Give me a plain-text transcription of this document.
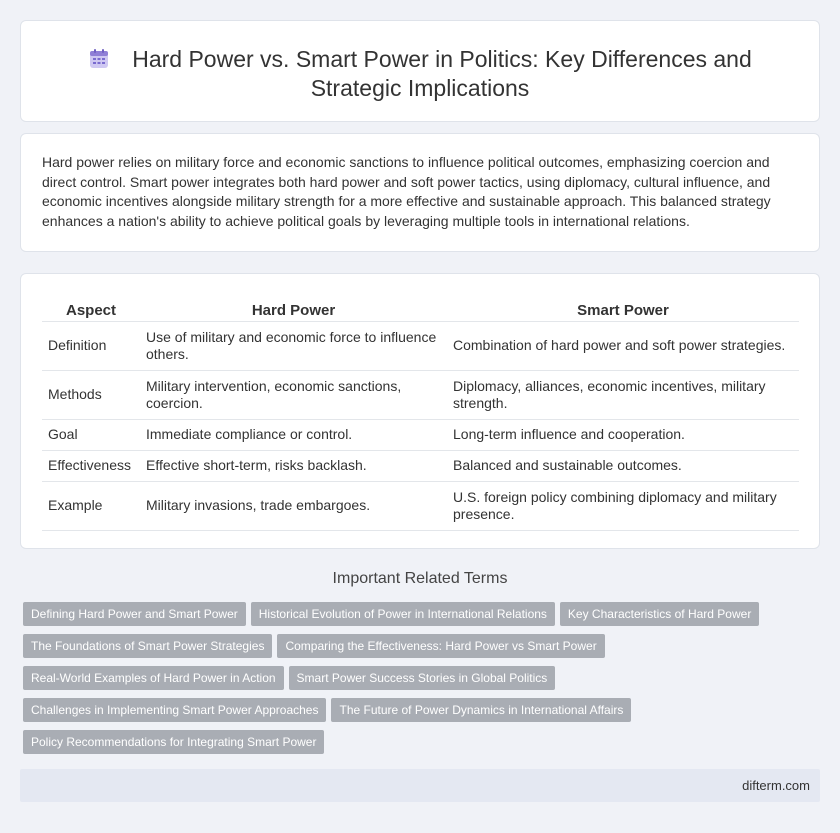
Hard Power vs. Smart Power in Politics: Key Differences and
Strategic Implications

Hard power relies on military force and economic sanctions to influence political outcomes, emphasizing coercion and direct control. Smart power integrates both hard power and soft power tactics, using diplomacy, cultural influence, and economic incentives alongside military strength for a more effective and sustainable approach. This balanced strategy enhances a nation's ability to achieve political goals by leveraging multiple tools in international relations.

Aspect	Hard Power	Smart Power
Definition	Use of military and economic force to influence others.	Combination of hard power and soft power strategies.
Methods	Military intervention, economic sanctions, coercion.	Diplomacy, alliances, economic incentives, military strength.
Goal	Immediate compliance or control.	Long-term influence and cooperation.
Effectiveness	Effective short-term, risks backlash.	Balanced and sustainable outcomes.
Example	Military invasions, trade embargoes.	U.S. foreign policy combining diplomacy and military presence.
Important Related Terms
Defining Hard Power and Smart Power Historical Evolution of Power in International Relations Key Characteristics of Hard Power
The Foundations of Smart Power Strategies Comparing the Effectiveness: Hard Power vs Smart Power
Real-World Examples of Hard Power in Action Smart Power Success Stories in Global Politics
Challenges in Implementing Smart Power Approaches The Future of Power Dynamics in International Affairs
Policy Recommendations for Integrating Smart Power
difterm.com
